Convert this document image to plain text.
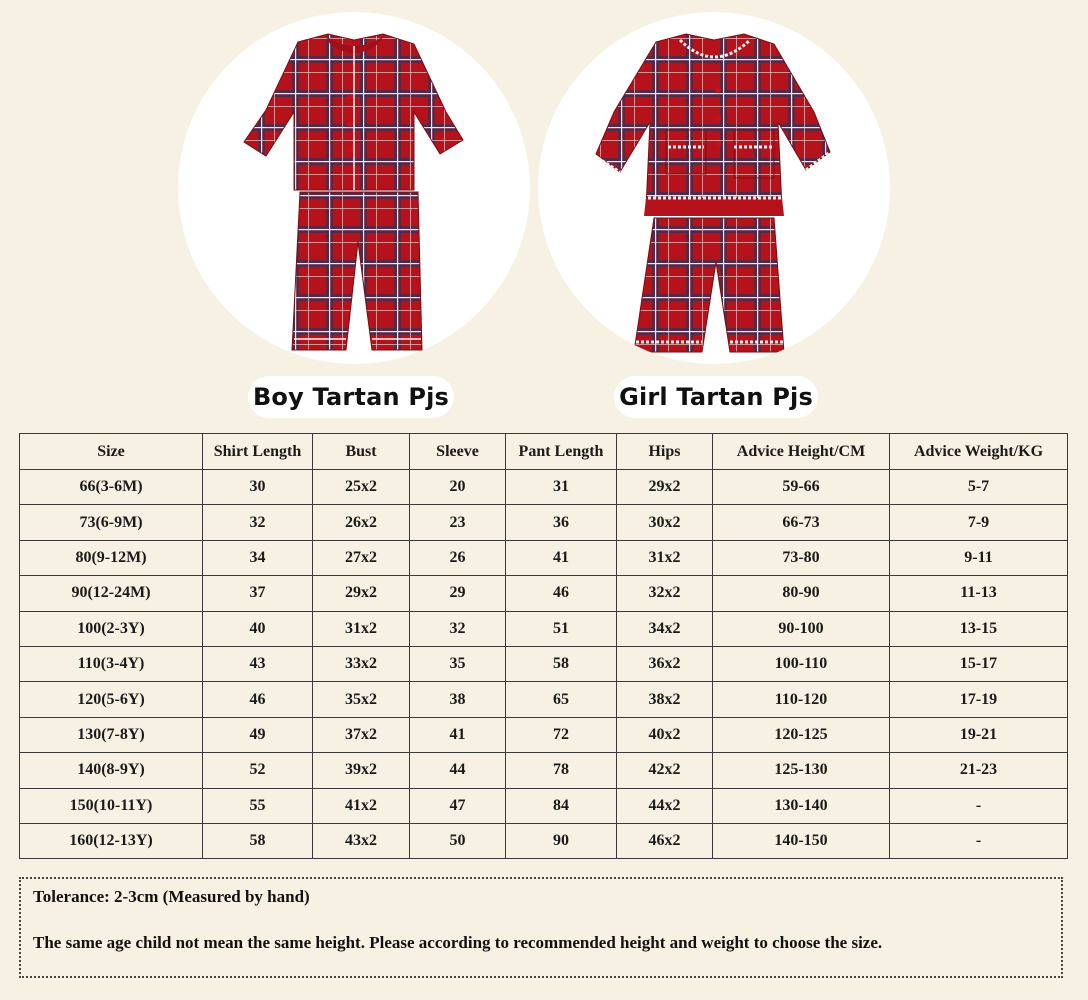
Boy Tartan Pjs	Girl Tartan Pjs
Size	Shirt Length	Bust	Sleeve	Pant Length	Hips	Advice Height/CM	Advice Weight/KG
66(3-6M)	30	25x2	20	31	29x2	59-66	5-7
73(6-9M)	32	26x2	23	36	30x2	66-73	7-9
80(9-12M)	34	27x2	26	41	31x2	73-80	9-11
90(12-24M)	37	29x2	29	46	32x2	80-90	11-13
100(2-3Y)	40	31x2	32	51	34x2	90-100	13-15
110(3-4Y)	43	33x2	35	58	36x2	100-110	15-17
120(5-6Y)	46	35x2	38	65	38x2	110-120	17-19
130(7-8Y)	49	37x2	41	72	40x2	120-125	19-21
140(8-9Y)	52	39x2	44	78	42x2	125-130	21-23
150(10-11Y)	55	41x2	47	84	44x2	130-140	-
160(12-13Y)	58	43x2	50	90	46x2	140-150	-
Tolerance: 2-3cm (Measured by hand)
The same age child not mean the same height. Please according to recommended height and weight to choose the size.
